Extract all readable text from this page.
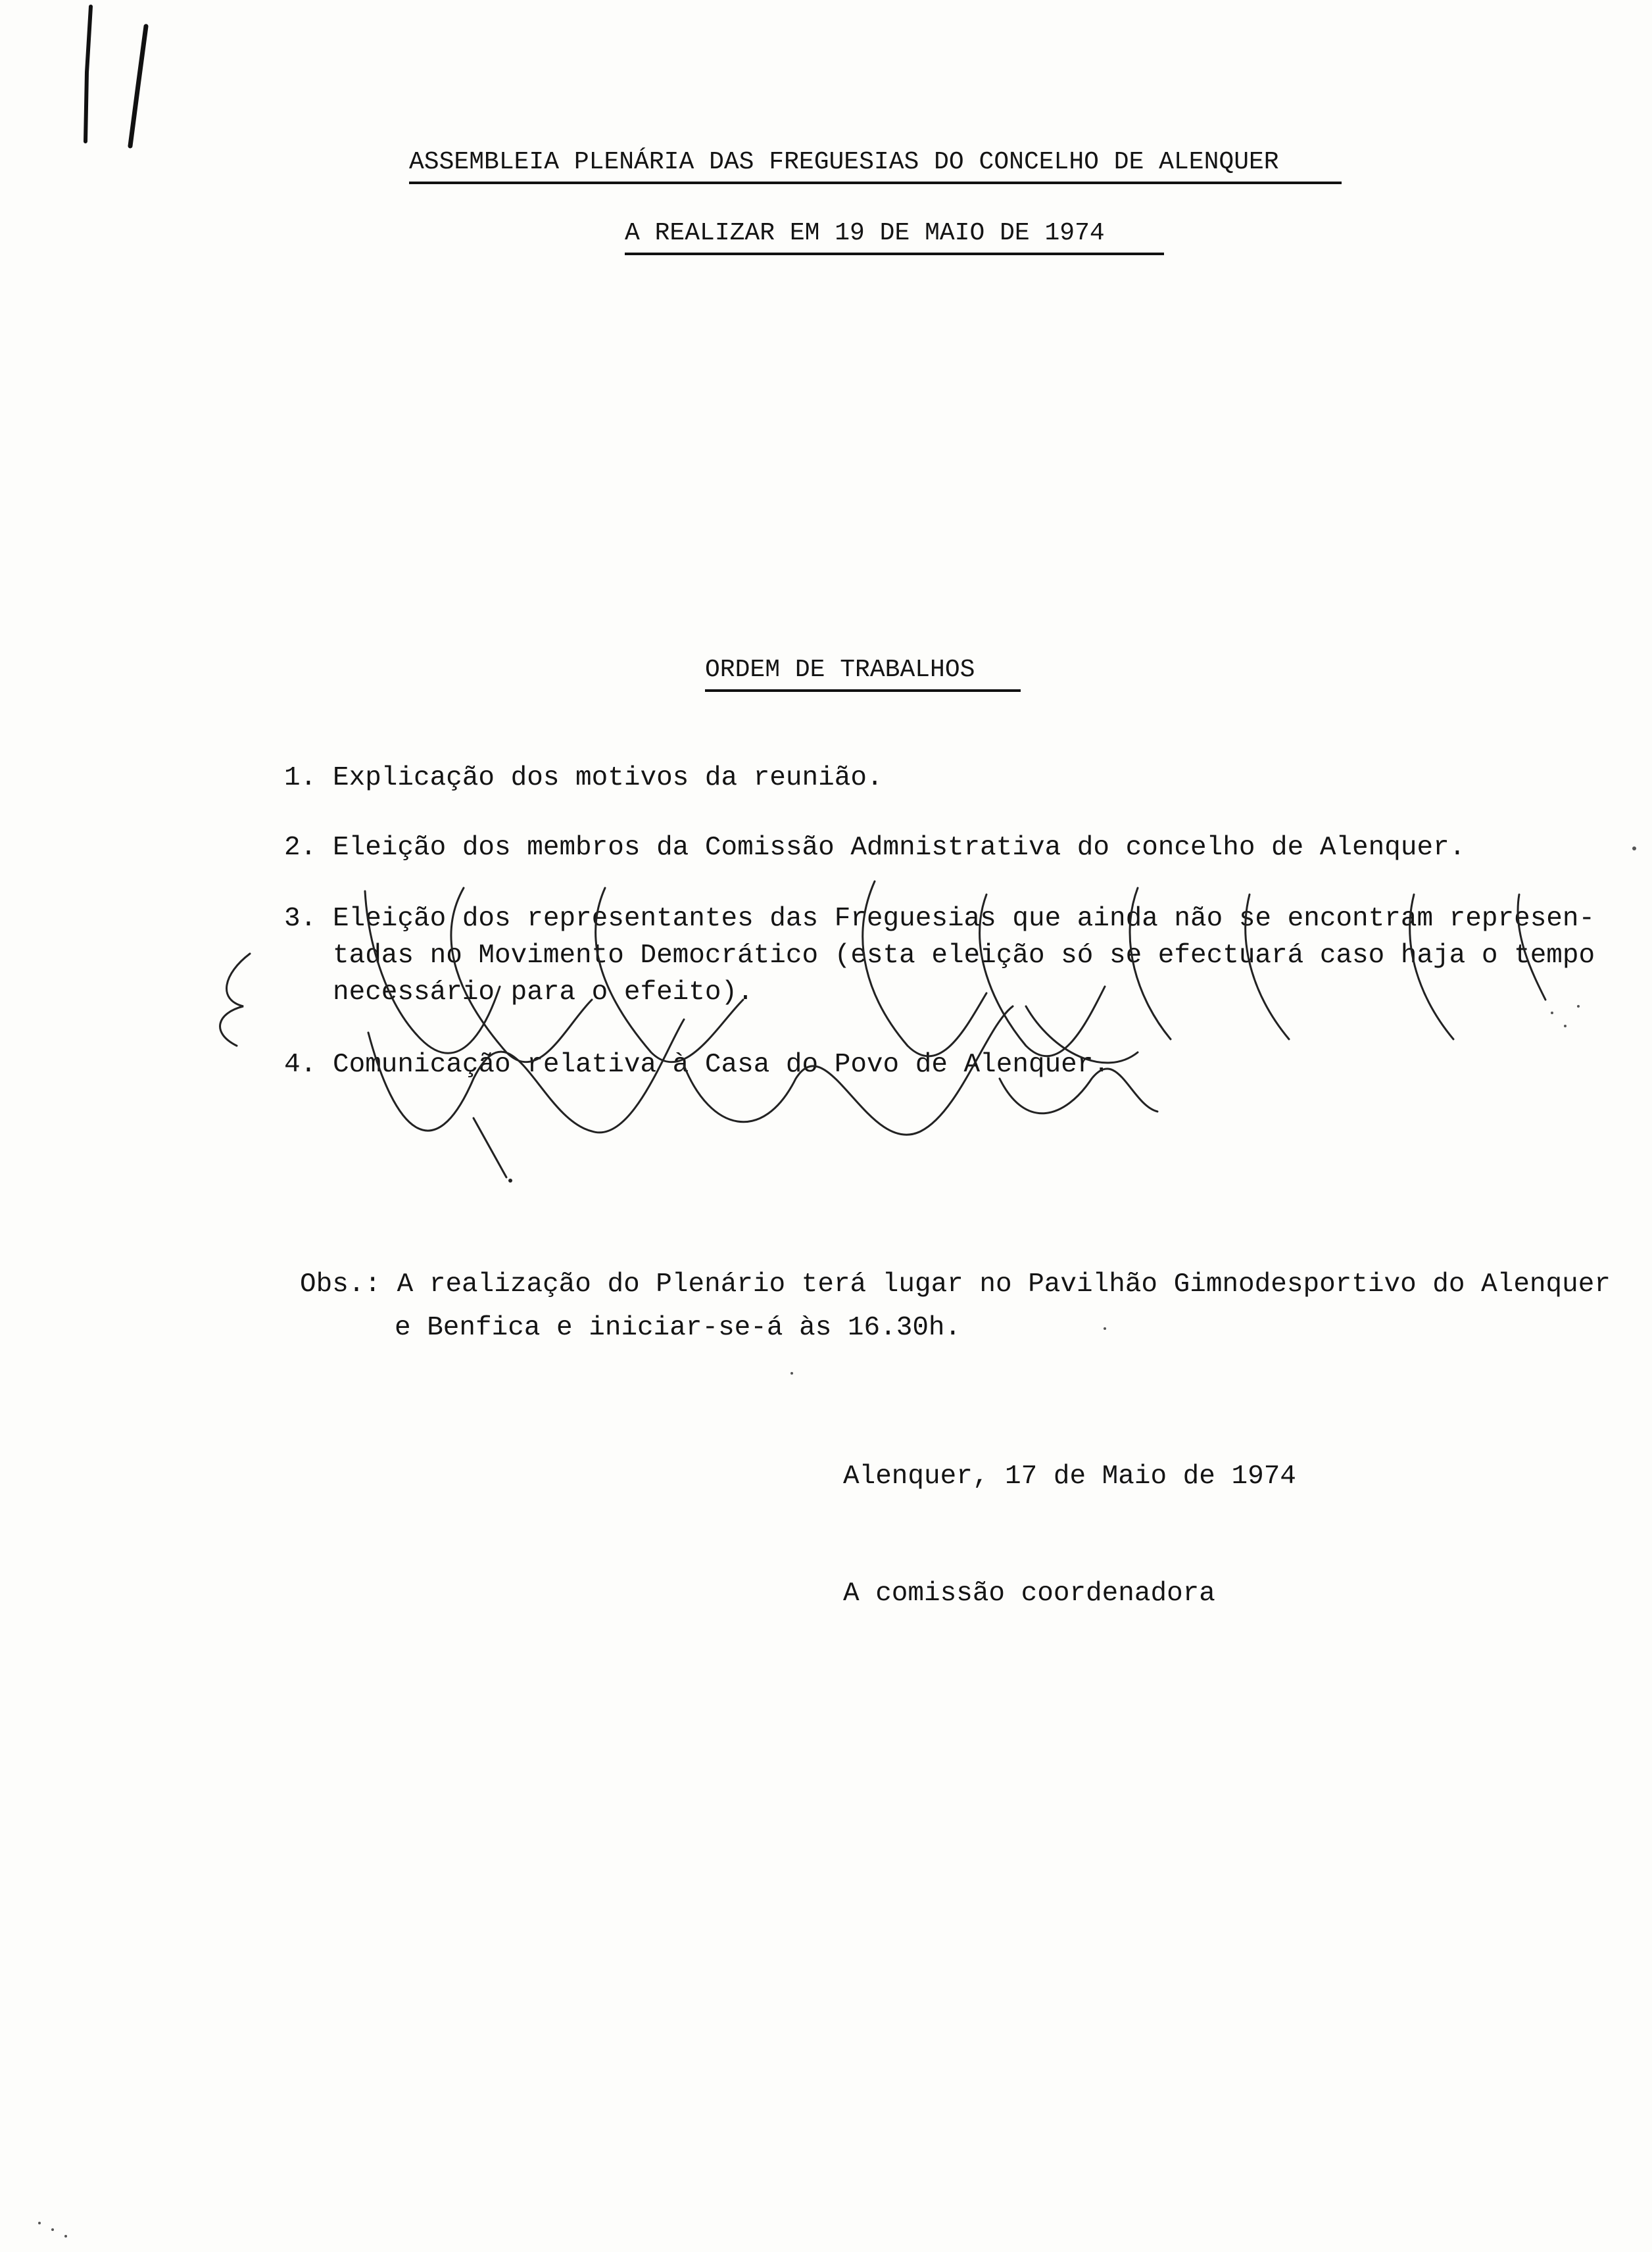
ASSEMBLEIA PLENÁRIA DAS FREGUESIAS DO CONCELHO DE ALENQUER
A REALIZAR EM 19 DE MAIO DE 1974
ORDEM DE TRABALHOS
1. Explicação dos motivos da reunião.
2. Eleição dos membros da Comissão Admnistrativa do concelho de Alenquer.
3. Eleição dos representantes das Freguesias que ainda não se encontram represen-
tadas no Movimento Democrático (esta eleição só se efectuará caso haja o tempo
necessário para o efeito).
4. Comunicação relativa à Casa do Povo de Alenquer.
Obs.: A realização do Plenário terá lugar no Pavilhão Gimnodesportivo do Alenquer
e Benfica e iniciar-se-á às 16.30h.
Alenquer, 17 de Maio de 1974
A comissão coordenadora
